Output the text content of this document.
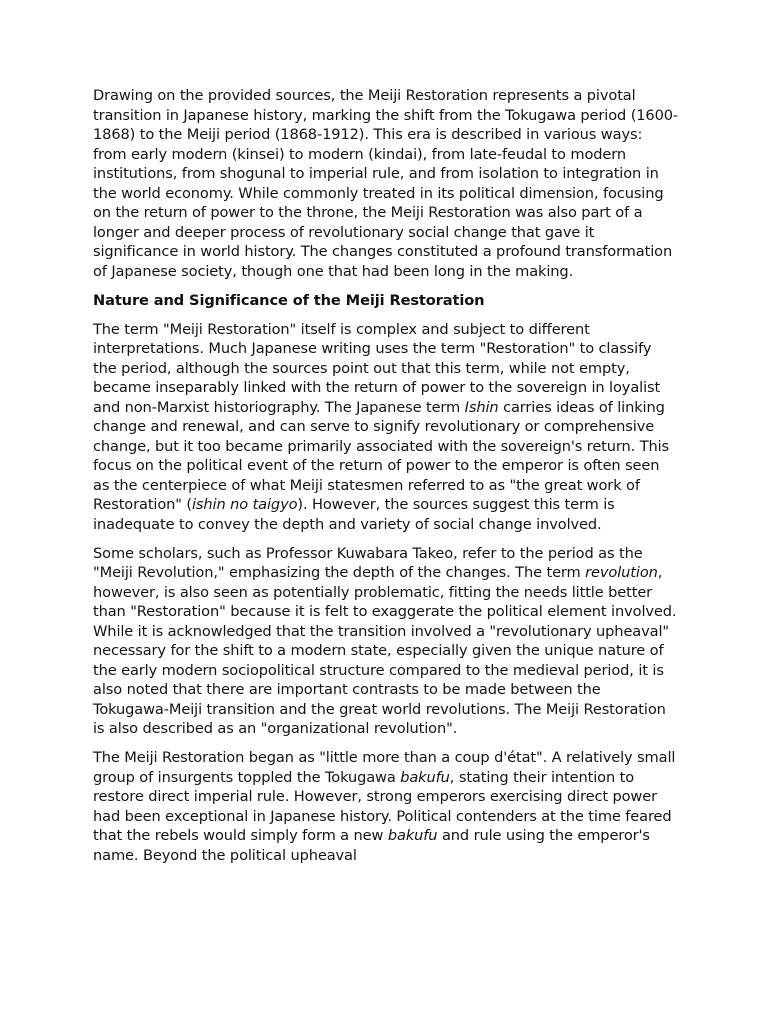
Drawing on the provided sources, the Meiji Restoration represents a pivotal transition in Japanese history, marking the shift from the Tokugawa period (1600-1868) to the Meiji period (1868-1912). This era is described in various ways: from early modern (kinsei) to modern (kindai), from late-feudal to modern institutions, from shogunal to imperial rule, and from isolation to integration in the world economy. While commonly treated in its political dimension, focusing on the return of power to the throne, the Meiji Restoration was also part of a longer and deeper process of revolutionary social change that gave it significance in world history. The changes constituted a profound transformation of Japanese society, though one that had been long in the making.

Nature and Significance of the Meiji Restoration

The term "Meiji Restoration" itself is complex and subject to different interpretations. Much Japanese writing uses the term "Restoration" to classify the period, although the sources point out that this term, while not empty, became inseparably linked with the return of power to the sovereign in loyalist and non-Marxist historiography. The Japanese term Ishin carries ideas of linking change and renewal, and can serve to signify revolutionary or comprehensive change, but it too became primarily associated with the sovereign's return. This focus on the political event of the return of power to the emperor is often seen as the centerpiece of what Meiji statesmen referred to as "the great work of Restoration" (ishin no taigyo). However, the sources suggest this term is inadequate to convey the depth and variety of social change involved.

Some scholars, such as Professor Kuwabara Takeo, refer to the period as the "Meiji Revolution," emphasizing the depth of the changes. The term revolution, however, is also seen as potentially problematic, fitting the needs little better than "Restoration" because it is felt to exaggerate the political element involved. While it is acknowledged that the transition involved a "revolutionary upheaval" necessary for the shift to a modern state, especially given the unique nature of the early modern sociopolitical structure compared to the medieval period, it is also noted that there are important contrasts to be made between the Tokugawa-Meiji transition and the great world revolutions. The Meiji Restoration is also described as an "organizational revolution".

The Meiji Restoration began as "little more than a coup d'état". A relatively small group of insurgents toppled the Tokugawa bakufu, stating their intention to restore direct imperial rule. However, strong emperors exercising direct power had been exceptional in Japanese history. Political contenders at the time feared that the rebels would simply form a new bakufu and rule using the emperor's name. Beyond the political upheaval
